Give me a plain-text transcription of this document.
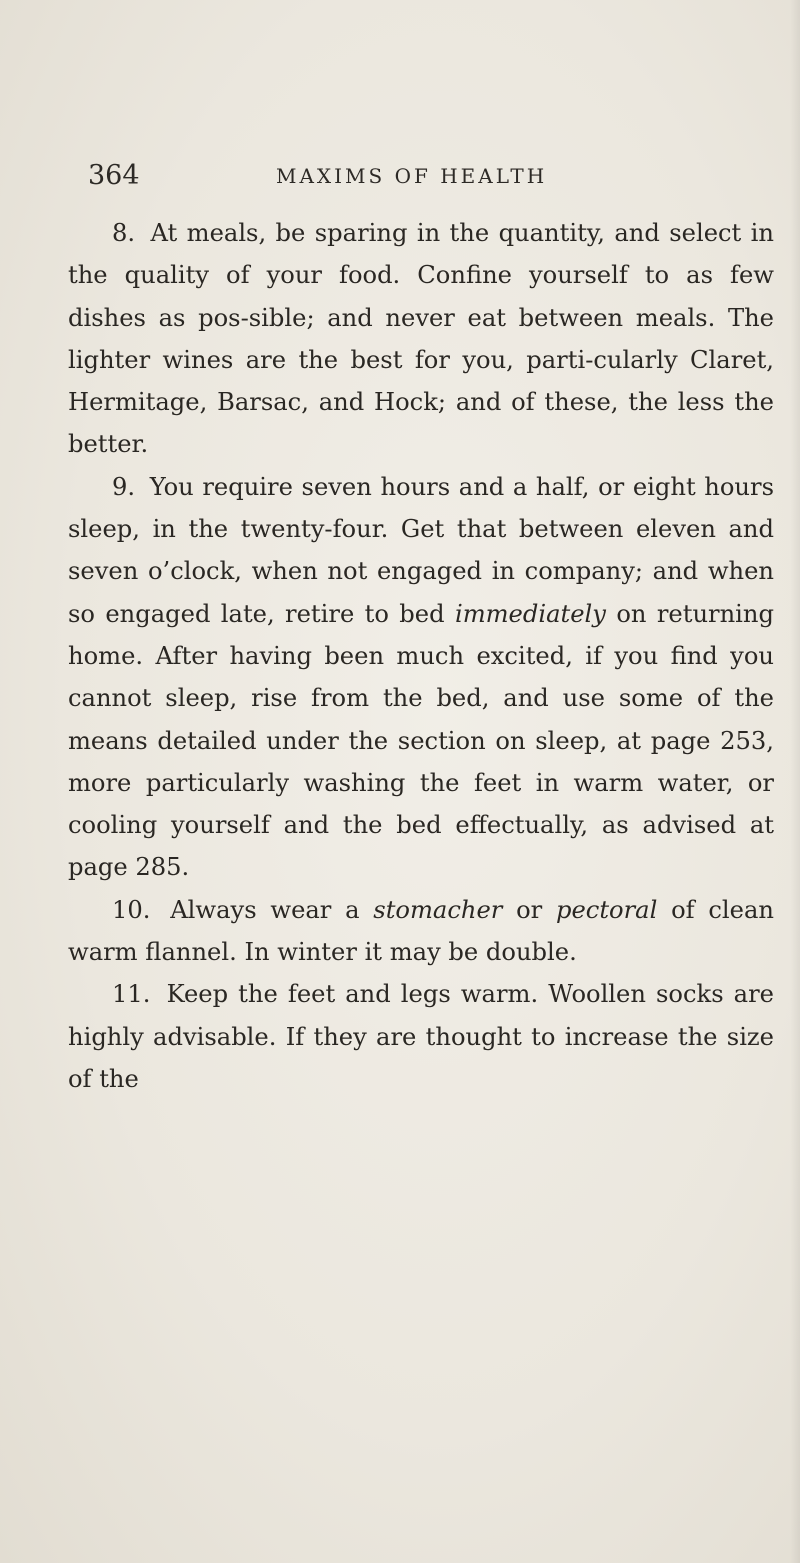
364	MAXIMS OF HEALTH

8. At meals, be sparing in the quantity, and select in the quality of your food. Confine yourself to as few dishes as pos-sible; and never eat between meals. The lighter wines are the best for you, parti-cularly Claret, Hermitage, Barsac, and Hock; and of these, the less the better.

9. You require seven hours and a half, or eight hours sleep, in the twenty-four. Get that between eleven and seven o’clock, when not engaged in company; and when so engaged late, retire to bed immediately on returning home. After having been much excited, if you find you cannot sleep, rise from the bed, and use some of the means detailed under the section on sleep, at page 253, more particularly washing the feet in warm water, or cooling yourself and the bed effectually, as advised at page 285.

10. Always wear a stomacher or pectoral of clean warm flannel. In winter it may be double.

11. Keep the feet and legs warm. Woollen socks are highly advisable. If they are thought to increase the size of the
